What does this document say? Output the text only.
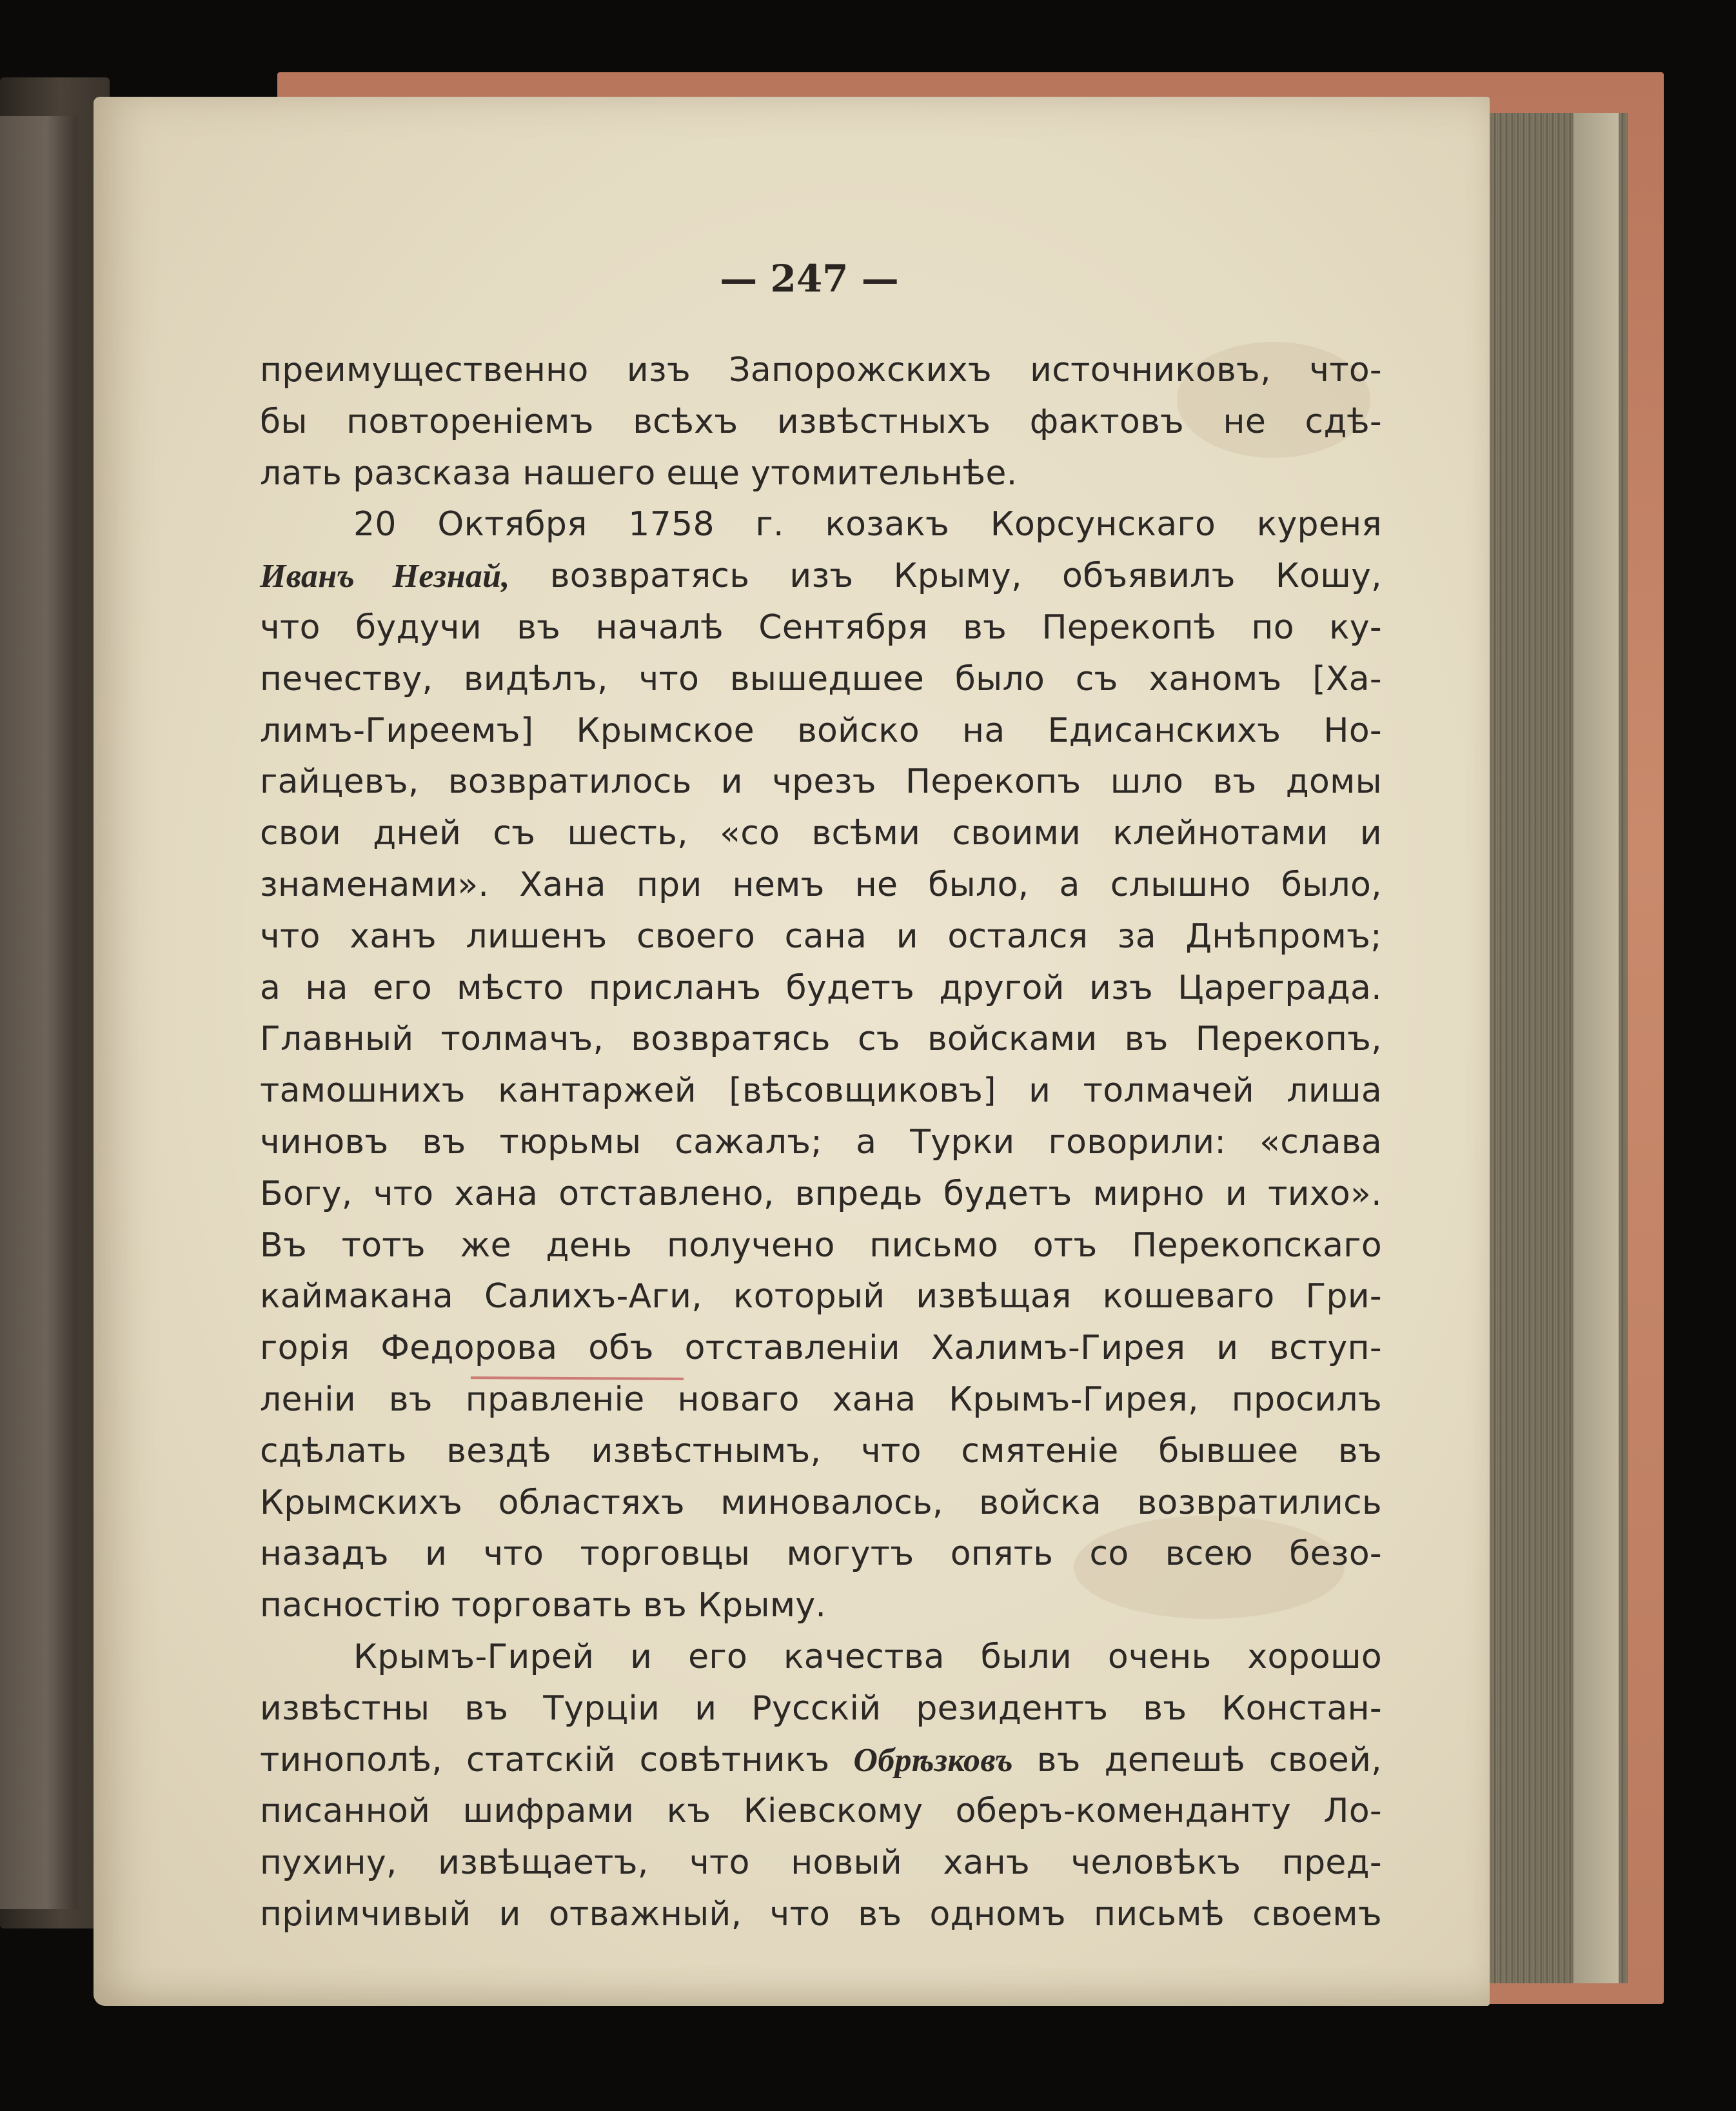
— 247 —
преимущественно изъ Запорожскихъ источниковъ, что-
бы повтореніемъ всѣхъ извѣстныхъ фактовъ не сдѣ-
лать разсказа нашего еще утомительнѣе.
20 Октября 1758 г. козакъ Корсунскаго куреня
Иванъ Незнай, возвратясь изъ Крыму, объявилъ Кошу,
что будучи въ началѣ Сентября въ Перекопѣ по ку-
печеству, видѣлъ, что вышедшее было съ ханомъ [Ха-
лимъ-Гиреемъ] Крымское войско на Едисанскихъ Но-
гайцевъ, возвратилось и чрезъ Перекопъ шло въ домы
свои дней съ шесть, «со всѣми своими клейнотами и
знаменами». Хана при немъ не было, а слышно было,
что ханъ лишенъ своего сана и остался за Днѣпромъ;
а на его мѣсто присланъ будетъ другой изъ Цареграда.
Главный толмачъ, возвратясь съ войсками въ Перекопъ,
тамошнихъ кантаржей [вѣсовщиковъ] и толмачей лиша
чиновъ въ тюрьмы сажалъ; а Турки говорили: «слава
Богу, что хана отставлено, впредь будетъ мирно и тихо».
Въ тотъ же день получено письмо отъ Перекопскаго
каймакана Салихъ-Аги, который извѣщая кошеваго Гри-
горія Федорова объ отставленіи Халимъ-Гирея и вступ-
леніи въ правленіе новаго хана Крымъ-Гирея, просилъ
сдѣлать вездѣ извѣстнымъ, что смятеніе бывшее въ
Крымскихъ областяхъ миновалось, войска возвратились
назадъ и что торговцы могутъ опять со всею безо-
пасностію торговать въ Крыму.
Крымъ-Гирей и его качества были очень хорошо
извѣстны въ Турціи и Русскій резидентъ въ Констан-
тинополѣ, статскій совѣтникъ Обрѣзковъ въ депешѣ своей,
писанной шифрами къ Кіевскому оберъ-коменданту Ло-
пухину, извѣщаетъ, что новый ханъ человѣкъ пред-
пріимчивый и отважный, что въ одномъ письмѣ своемъ
